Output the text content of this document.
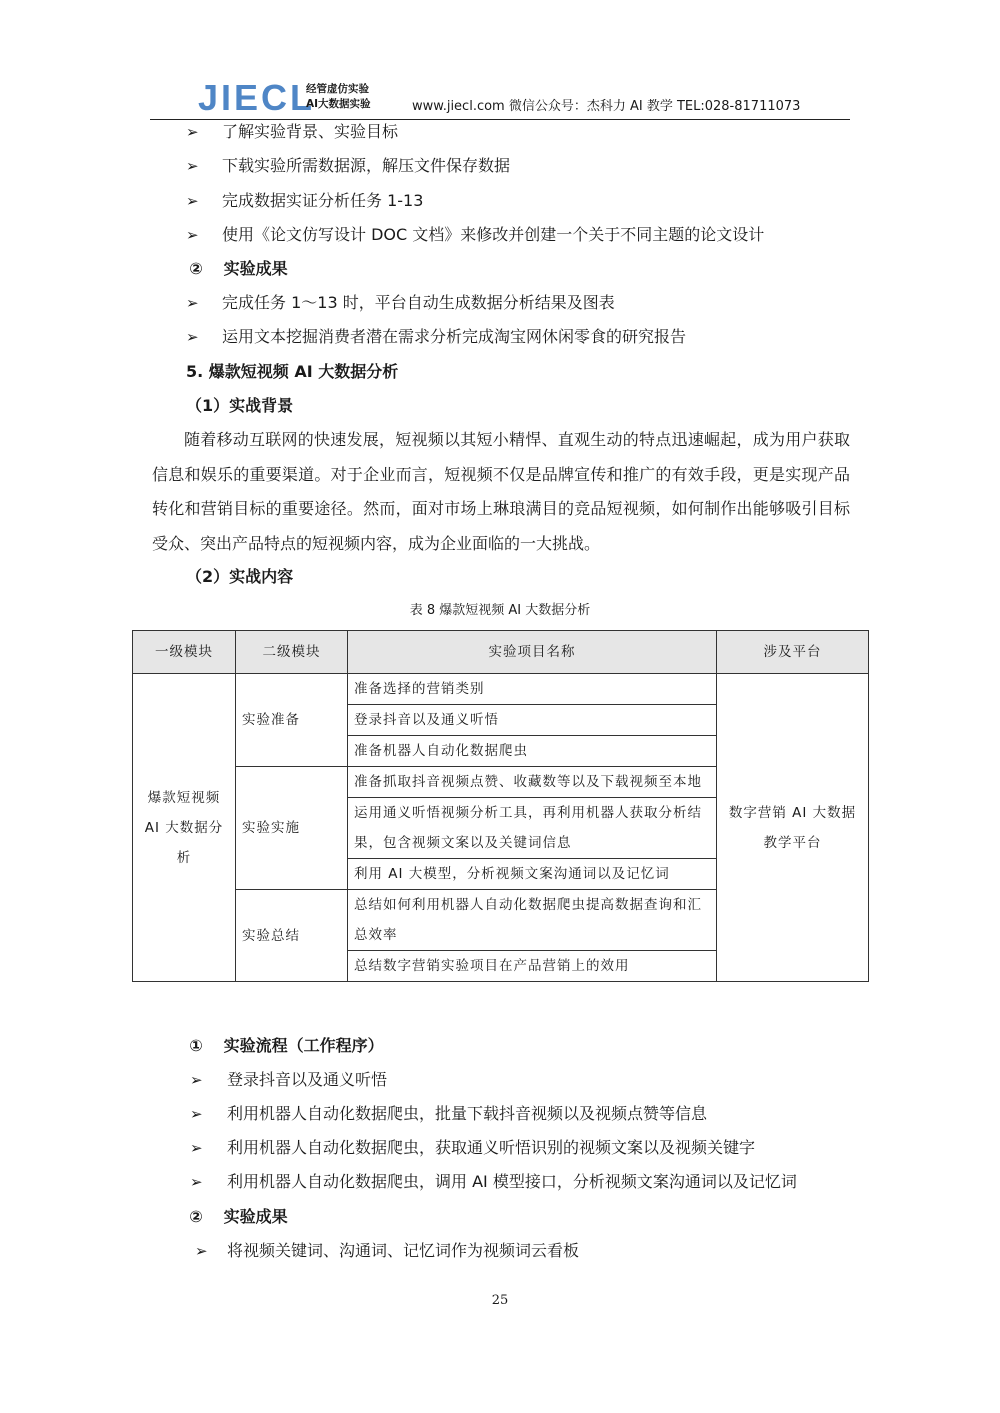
JIECL
经管虚仿实验
AI大数据实验	www.jiecl.com 微信公众号：杰科力 AI 教学 TEL:028-81711073
➢ 了解实验背景、实验目标
➢ 下载实验所需数据源，解压文件保存数据
➢ 完成数据实证分析任务 1-13
➢ 使用《论文仿写设计 DOC 文档》来修改并创建一个关于不同主题的论文设计
② 实验成果
➢ 完成任务 1～13 时，平台自动生成数据分析结果及图表
➢ 运用文本挖掘消费者潜在需求分析完成淘宝网休闲零食的研究报告
5. 爆款短视频 AI 大数据分析
（1）实战背景
随着移动互联网的快速发展，短视频以其短小精悍、直观生动的特点迅速崛起，成为用户获取信息和娱乐的重要渠道。对于企业而言，短视频不仅是品牌宣传和推广的有效手段，更是实现产品转化和营销目标的重要途径。然而，面对市场上琳琅满目的竞品短视频，如何制作出能够吸引目标受众、突出产品特点的短视频内容，成为企业面临的一大挑战。
（2）实战内容
表 8 爆款短视频 AI 大数据分析
一级模块	二级模块	实验项目名称	涉及平台
爆款短视频 AI 大数据分析	实验准备	准备选择的营销类别	数字营销 AI 大数据教学平台
		登录抖音以及通义听悟	
		准备机器人自动化数据爬虫	
	实验实施	准备抓取抖音视频点赞、收藏数等以及下载视频至本地	
		运用通义听悟视频分析工具，再利用机器人获取分析结果，包含视频文案以及关键词信息	
		利用 AI 大模型，分析视频文案沟通词以及记忆词	
	实验总结	总结如何利用机器人自动化数据爬虫提高数据查询和汇总效率	
		总结数字营销实验项目在产品营销上的效用	
① 实验流程（工作程序）
➢ 登录抖音以及通义听悟
➢ 利用机器人自动化数据爬虫，批量下载抖音视频以及视频点赞等信息
➢ 利用机器人自动化数据爬虫，获取通义听悟识别的视频文案以及视频关键字
➢ 利用机器人自动化数据爬虫，调用 AI 模型接口，分析视频文案沟通词以及记忆词
② 实验成果
➢ 将视频关键词、沟通词、记忆词作为视频词云看板
25
